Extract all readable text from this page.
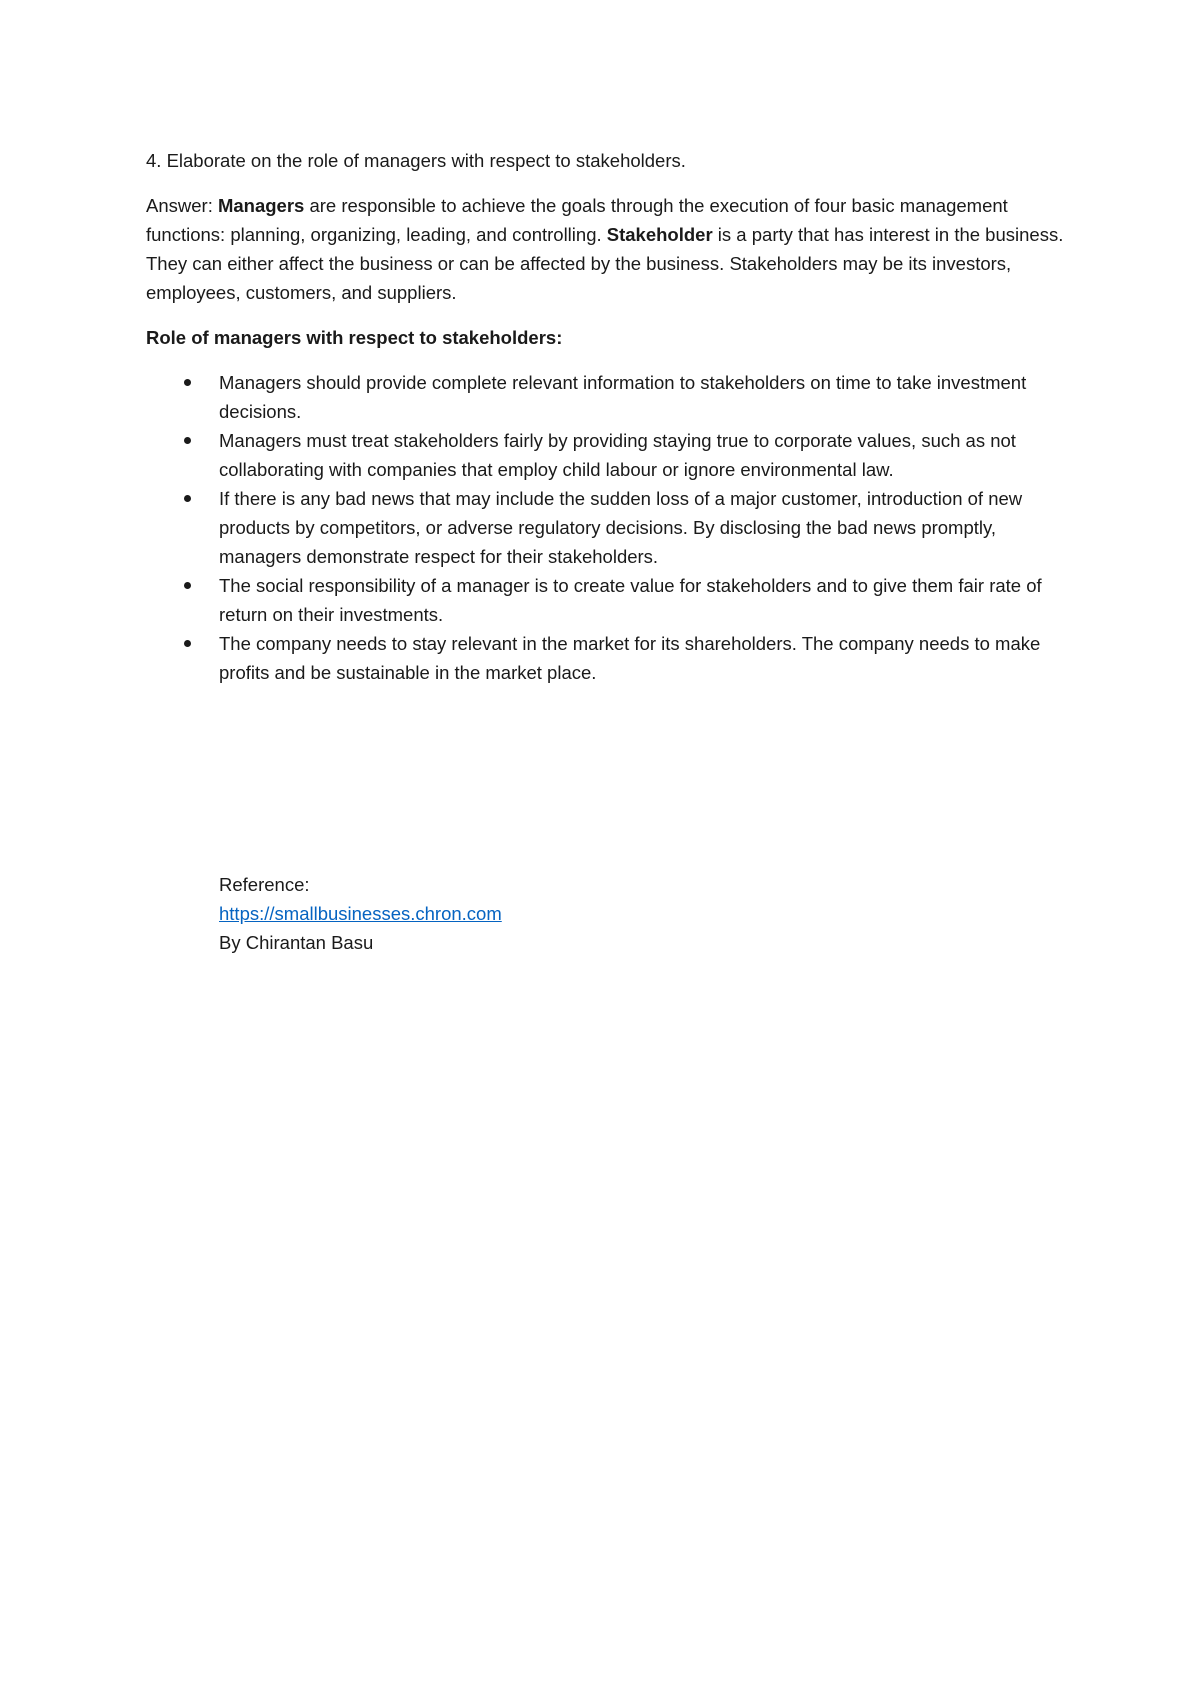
4. Elaborate on the role of managers with respect to stakeholders.

Answer: Managers are responsible to achieve the goals through the execution of four basic management functions: planning, organizing, leading, and controlling. Stakeholder is a party that has interest in the business. They can either affect the business or can be affected by the business. Stakeholders may be its investors, employees, customers, and suppliers.

Role of managers with respect to stakeholders:

Managers should provide complete relevant information to stakeholders on time to take investment decisions.
Managers must treat stakeholders fairly by providing staying true to corporate values, such as not collaborating with companies that employ child labour or ignore environmental law.
If there is any bad news that may include the sudden loss of a major customer, introduction of new products by competitors, or adverse regulatory decisions. By disclosing the bad news promptly, managers demonstrate respect for their stakeholders.
The social responsibility of a manager is to create value for stakeholders and to give them fair rate of return on their investments.
The company needs to stay relevant in the market for its shareholders. The company needs to make profits and be sustainable in the market place.
Reference:
https://smallbusinesses.chron.com
By Chirantan Basu
